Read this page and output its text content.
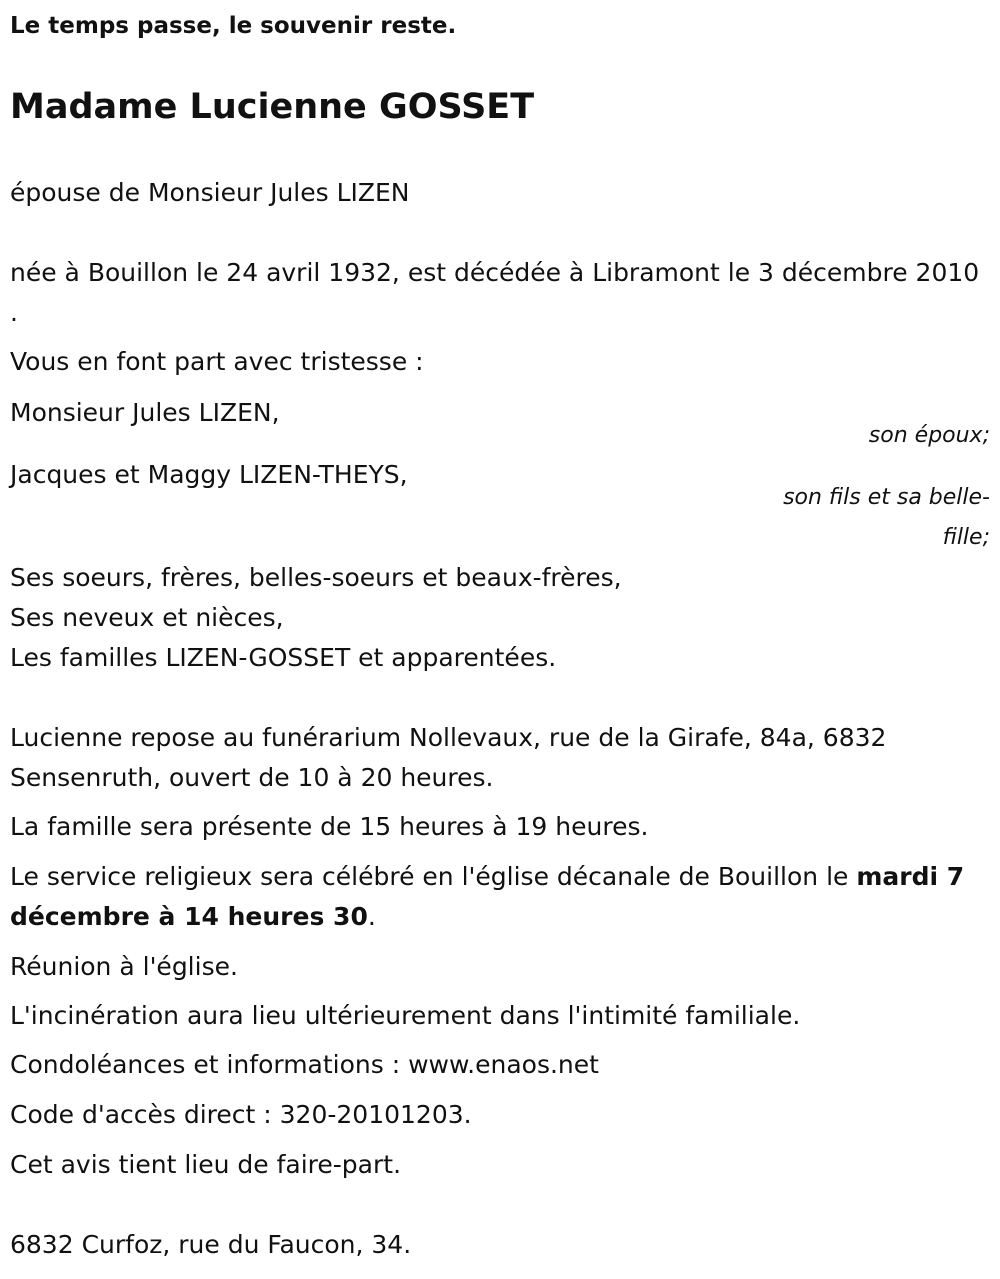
Le temps passe, le souvenir reste.

Madame Lucienne GOSSET

épouse de Monsieur Jules LIZEN

née à Bouillon le 24 avril 1932, est décédée à Libramont le 3 décembre 2010 .

Vous en font part avec tristesse :

Monsieur Jules LIZEN,

son époux;

Jacques et Maggy LIZEN-THEYS,

son fils et sa belle-fille;

Ses soeurs, frères, belles-soeurs et beaux-frères,

Ses neveux et nièces,

Les familles LIZEN-GOSSET et apparentées.

Lucienne repose au funérarium Nollevaux, rue de la Girafe, 84a, 6832 Sensenruth, ouvert de 10 à 20 heures.

La famille sera présente de 15 heures à 19 heures.

Le service religieux sera célébré en l'église décanale de Bouillon le mardi 7 décembre à 14 heures 30.

Réunion à l'église.

L'incinération aura lieu ultérieurement dans l'intimité familiale.

Condoléances et informations : www.enaos.net

Code d'accès direct : 320-20101203.

Cet avis tient lieu de faire-part.

6832 Curfoz, rue du Faucon, 34.
